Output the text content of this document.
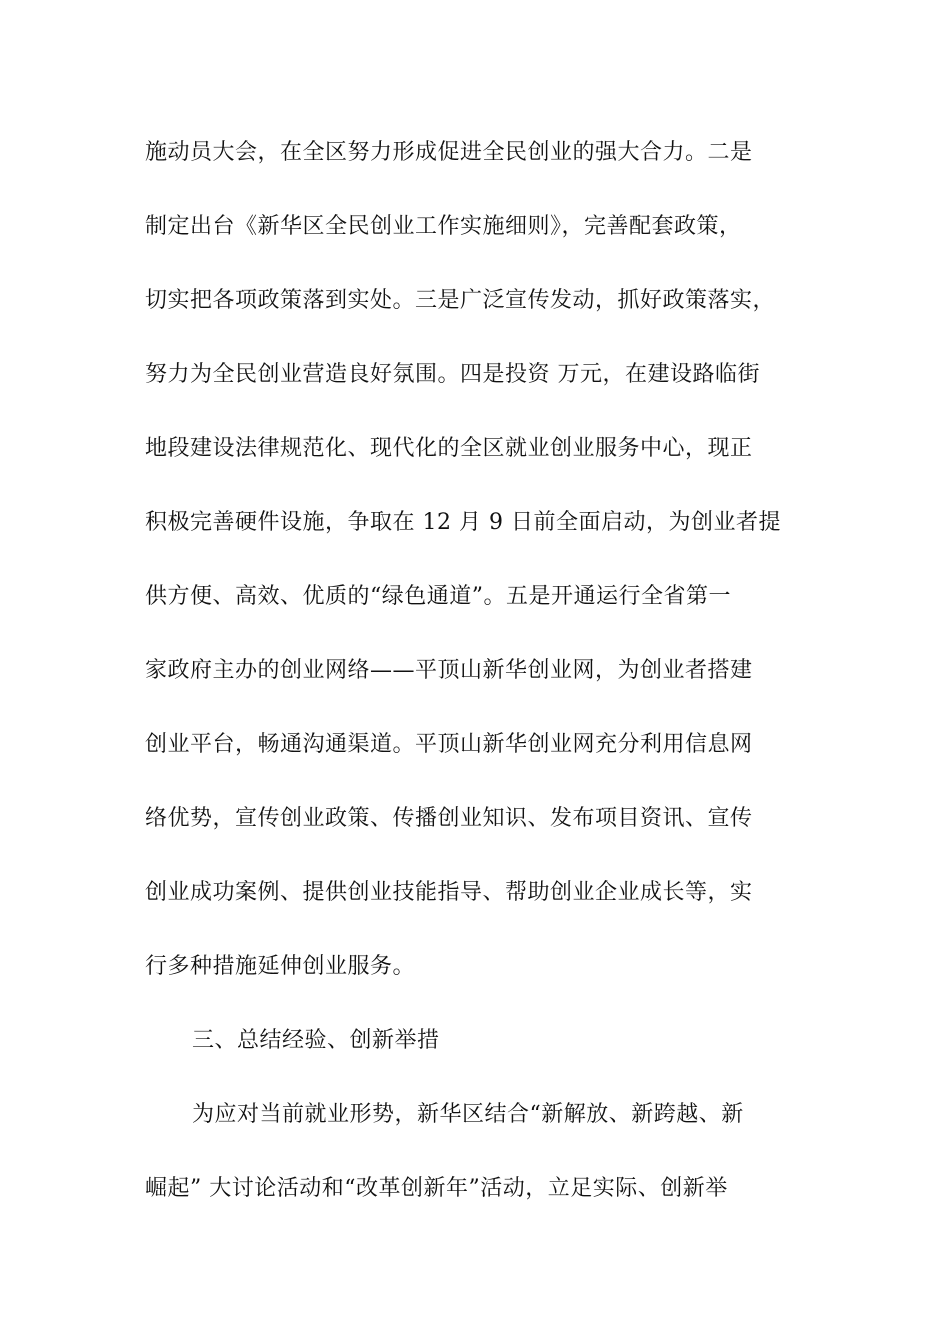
施动员大会，在全区努力形成促进全民创业的强大合力。二是
制定出台《新华区全民创业工作实施细则》，完善配套政策，
切实把各项政策落到实处。三是广泛宣传发动，抓好政策落实，
努力为全民创业营造良好氛围。四是投资 万元，在建设路临街
地段建设法律规范化、现代化的全区就业创业服务中心，现正
积极完善硬件设施，争取在 12 月 9 日前全面启动，为创业者提
供方便、高效、优质的“绿色通道”。五是开通运行全省第一
家政府主办的创业网络——平顶山新华创业网，为创业者搭建
创业平台，畅通沟通渠道。平顶山新华创业网充分利用信息网
络优势，宣传创业政策、传播创业知识、发布项目资讯、宣传
创业成功案例、提供创业技能指导、帮助创业企业成长等，实
行多种措施延伸创业服务。
三、总结经验、创新举措
为应对当前就业形势，新华区结合“新解放、新跨越、新
崛起” 大讨论活动和“改革创新年”活动，立足实际、创新举
